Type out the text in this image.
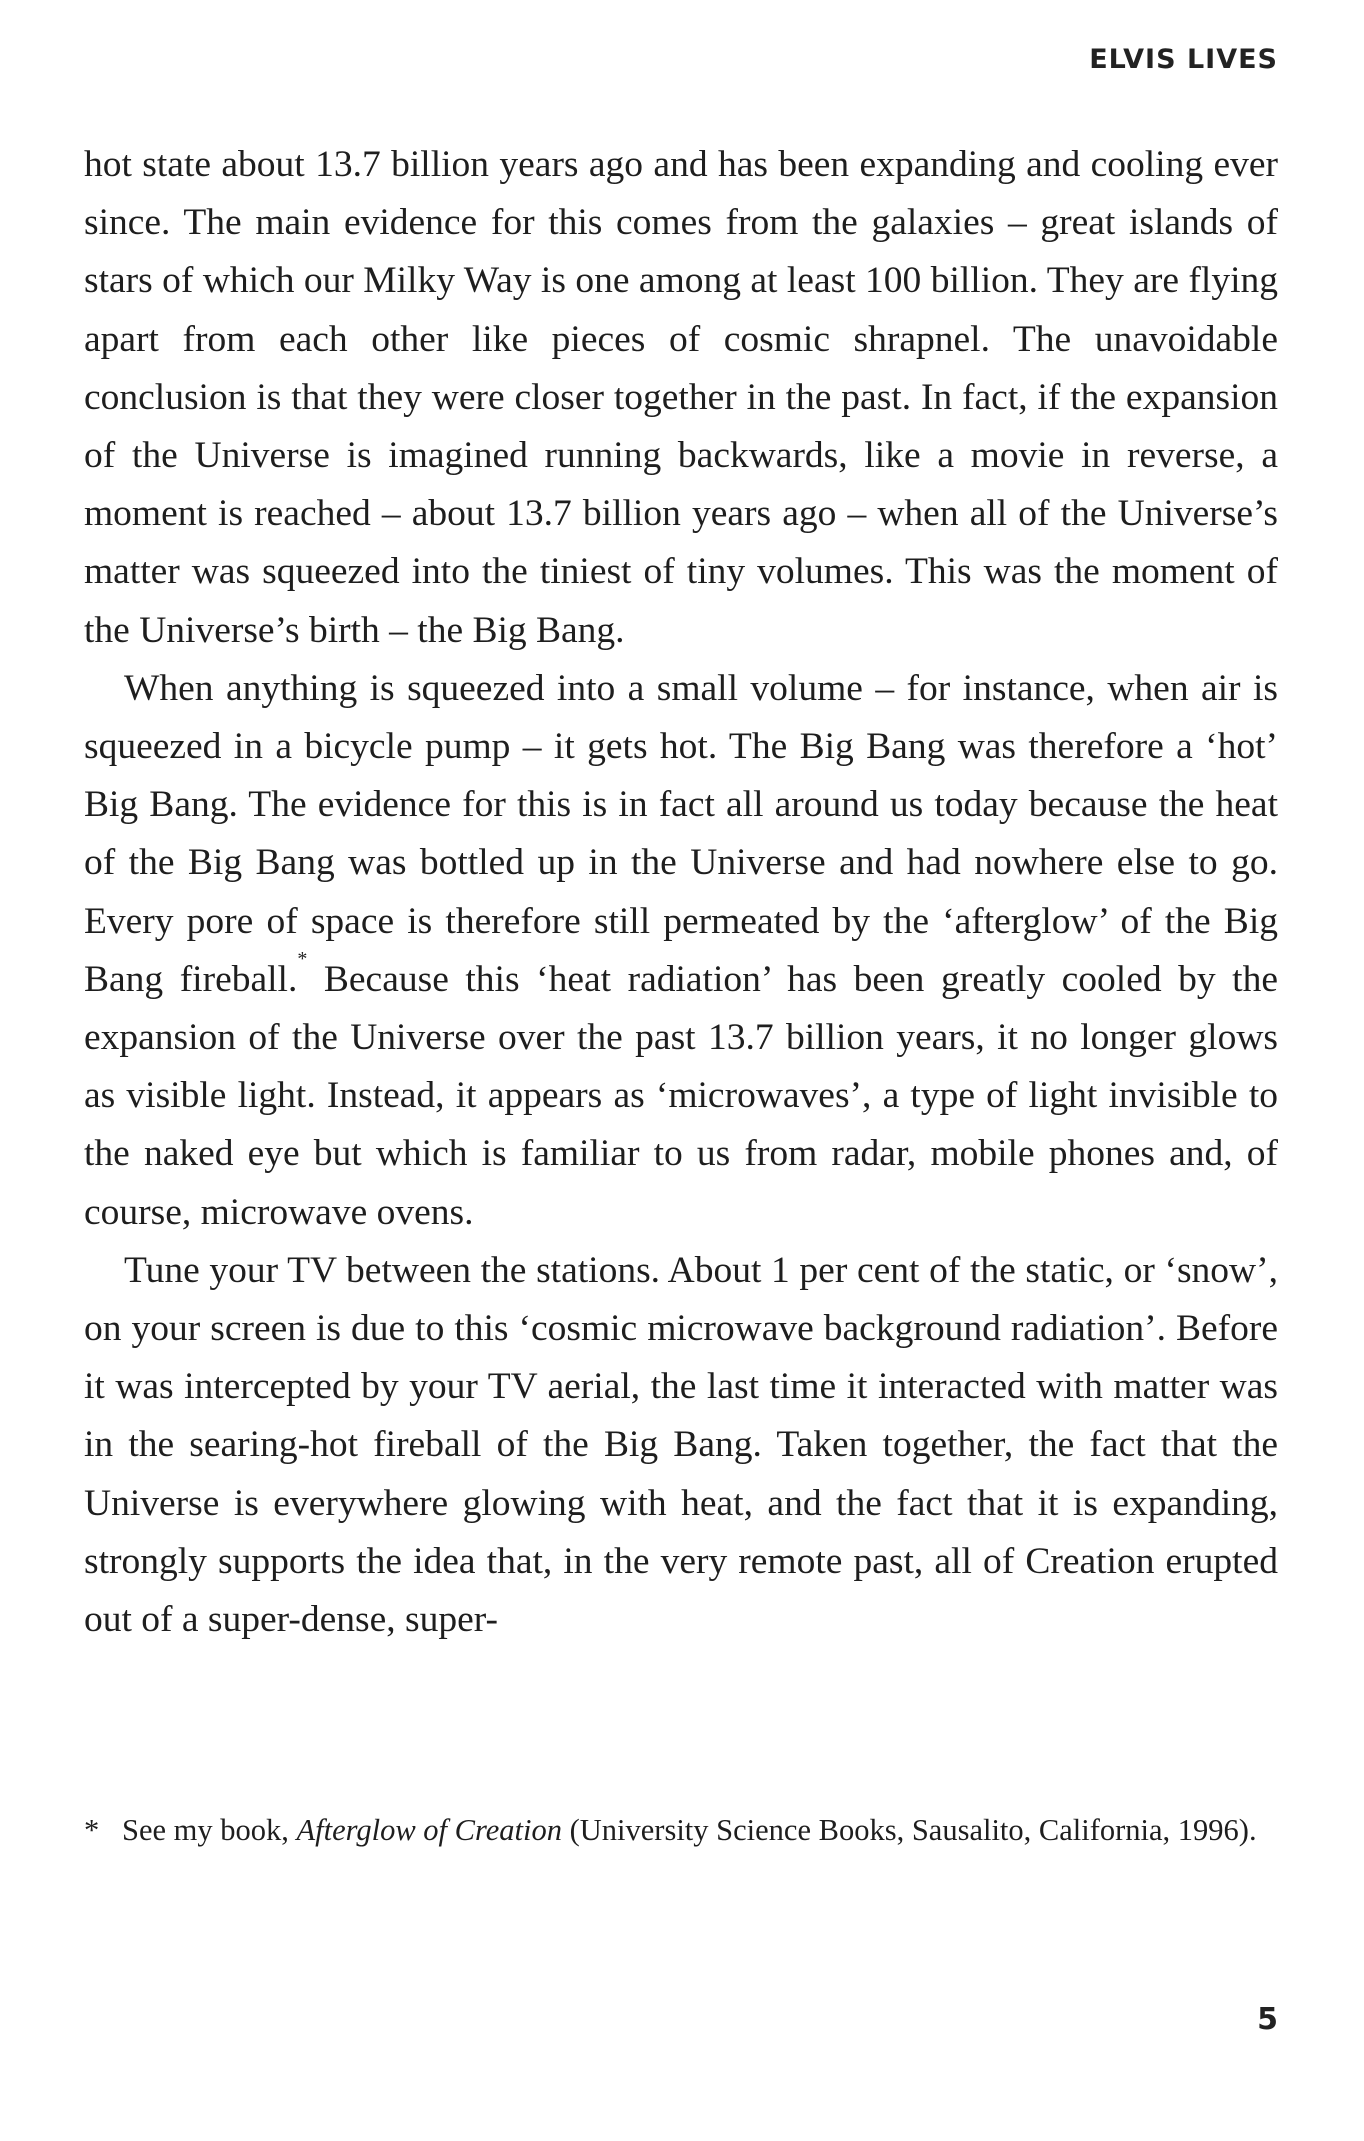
ELVIS LIVES

hot state about 13.7 billion years ago and has been expanding and cooling ever since. The main evidence for this comes from the galaxies – great islands of stars of which our Milky Way is one among at least 100 billion. They are flying apart from each other like pieces of cosmic shrapnel. The unavoidable conclusion is that they were closer together in the past. In fact, if the expansion of the Universe is imagined running backwards, like a movie in reverse, a moment is reached – about 13.7 billion years ago – when all of the Universe’s matter was squeezed into the tiniest of tiny volumes. This was the moment of the Universe’s birth – the Big Bang.

When anything is squeezed into a small volume – for instance, when air is squeezed in a bicycle pump – it gets hot. The Big Bang was therefore a ‘hot’ Big Bang. The evidence for this is in fact all around us today because the heat of the Big Bang was bottled up in the Universe and had nowhere else to go. Every pore of space is therefore still permeated by the ‘afterglow’ of the Big Bang fireball.* Because this ‘heat radiation’ has been greatly cooled by the expansion of the Universe over the past 13.7 billion years, it no longer glows as visible light. Instead, it appears as ‘microwaves’, a type of light invisible to the naked eye but which is familiar to us from radar, mobile phones and, of course, microwave ovens.

Tune your TV between the stations. About 1 per cent of the static, or ‘snow’, on your screen is due to this ‘cosmic microwave background radiation’. Before it was intercepted by your TV aerial, the last time it interacted with matter was in the searing-hot fireball of the Big Bang. Taken together, the fact that the Universe is everywhere glowing with heat, and the fact that it is expanding, strongly supports the idea that, in the very remote past, all of Creation erupted out of a super-dense, super-

* See my book, Afterglow of Creation (University Science Books, Sausalito, California, 1996).
5
